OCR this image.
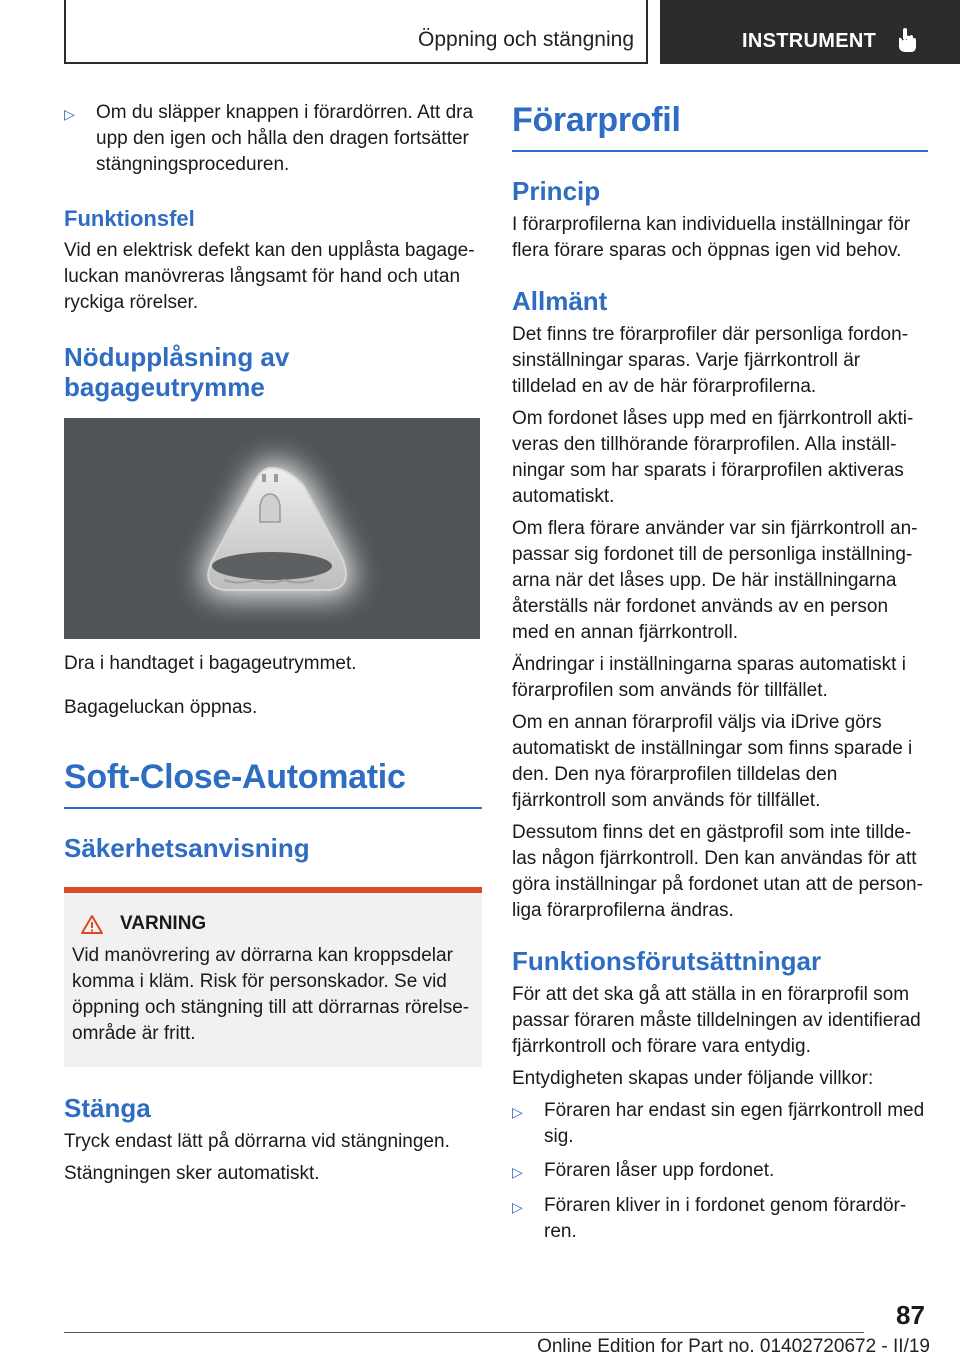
Öppning och stängning	INSTRUMENT
▷	Om du släpper knappen i förardörren. Att dra upp den igen och hålla den dragen fortsätter stängningsproceduren.
Funktionsfel

Vid en elektrisk defekt kan den upplåsta bagageluckan manövreras långsamt för hand och utan ryckiga rörelser.

Nödupplåsning av
bagageutrymme

Dra i handtaget i bagageutrymmet.

Bagageluckan öppnas.

Soft-Close-Automatic
Säkerhetsanvisning
VARNING

Vid manövrering av dörrarna kan kroppsdelar komma i kläm. Risk för personskador. Se vid öppning och stängning till att dörrarnas rörelseområde är fritt.

Stänga

Tryck endast lätt på dörrarna vid stängningen.

Stängningen sker automatiskt.

Förarprofil
Princip

I förarprofilerna kan individuella inställningar för flera förare sparas och öppnas igen vid behov.

Allmänt

Det finns tre förarprofiler där personliga fordonsinställningar sparas. Varje fjärrkontroll är tilldelad en av de här förarprofilerna.

Om fordonet låses upp med en fjärrkontroll aktiveras den tillhörande förarprofilen. Alla inställningar som har sparats i förarprofilen aktiveras automatiskt.

Om flera förare använder var sin fjärrkontroll anpassar sig fordonet till de personliga inställningarna när det låses upp. De här inställningarna återställs när fordonet används av en person med en annan fjärrkontroll.

Ändringar i inställningarna sparas automatiskt i förarprofilen som används för tillfället.

Om en annan förarprofil väljs via iDrive görs automatiskt de inställningar som finns sparade i den. Den nya förarprofilen tilldelas den fjärrkontroll som används för tillfället.

Dessutom finns det en gästprofil som inte tilldelas någon fjärrkontroll. Den kan användas för att göra inställningar på fordonet utan att de personliga förarprofilerna ändras.

Funktionsförutsättningar

För att det ska gå att ställa in en förarprofil som passar föraren måste tilldelningen av identifierad fjärrkontroll och förare vara entydig.

Entydigheten skapas under följande villkor:

▷	Föraren har endast sin egen fjärrkontroll med sig.
▷	Föraren låser upp fordonet.
▷	Föraren kliver in i fordonet genom förardörren.
87
Online Edition for Part no. 01402720672 - II/19
